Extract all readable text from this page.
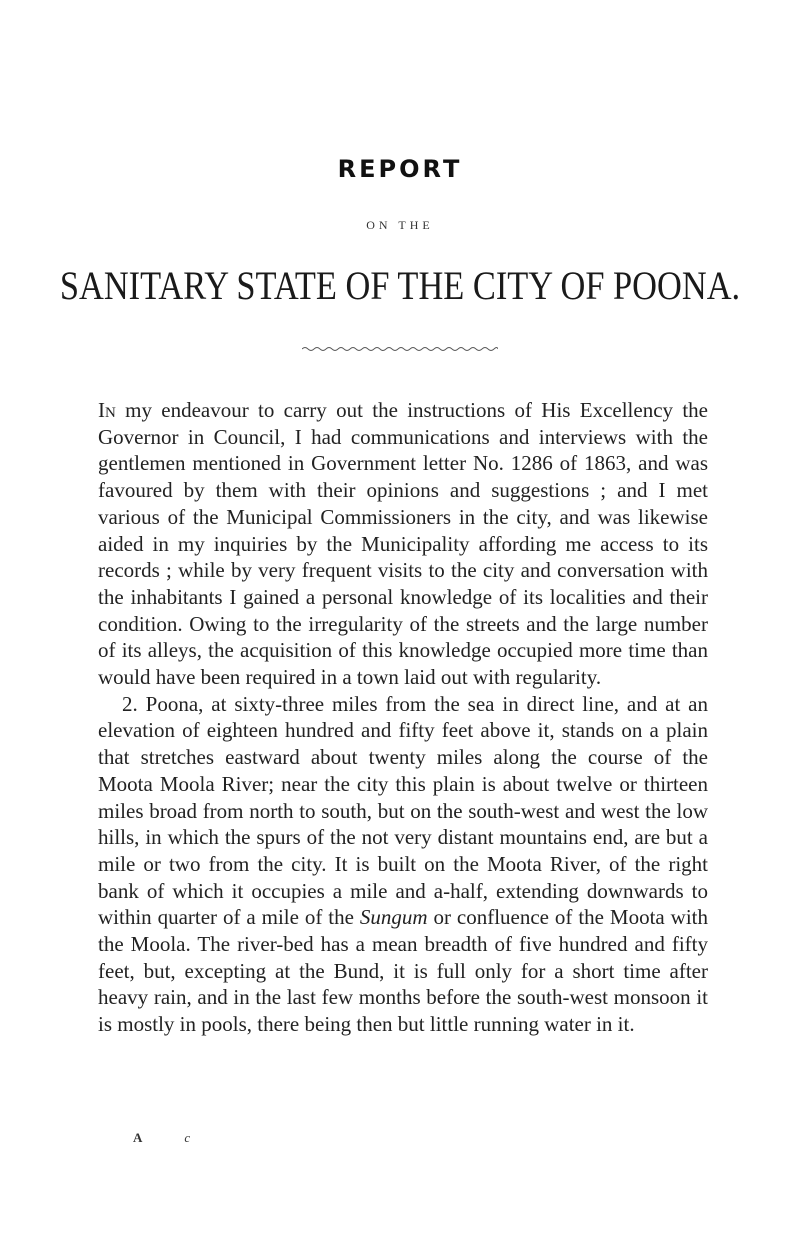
REPORT
ON THE
SANITARY STATE OF THE CITY OF POONA.

In my endeavour to carry out the instructions of His Excellency the Governor in Council, I had communications and interviews with the gentlemen mentioned in Government letter No. 1286 of 1863, and was favoured by them with their opinions and suggestions ; and I met various of the Municipal Commissioners in the city, and was likewise aided in my inquiries by the Municipality affording me access to its records ; while by very frequent visits to the city and conversation with the inhabitants I gained a personal knowledge of its localities and their condition. Owing to the irregularity of the streets and the large number of its alleys, the acquisition of this knowledge occupied more time than would have been required in a town laid out with regularity.

2. Poona, at sixty-three miles from the sea in direct line, and at an elevation of eighteen hundred and fifty feet above it, stands on a plain that stretches eastward about twenty miles along the course of the Moota Moola River; near the city this plain is about twelve or thirteen miles broad from north to south, but on the south-west and west the low hills, in which the spurs of the not very distant mountains end, are but a mile or two from the city. It is built on the Moota River, of the right bank of which it occupies a mile and a-half, extending downwards to within quarter of a mile of the Sungum or confluence of the Moota with the Moola. The river-bed has a mean breadth of five hundred and fifty feet, but, excepting at the Bund, it is full only for a short time after heavy rain, and in the last few months before the south-west monsoon it is mostly in pools, there being then but little running water in it.

A	c
